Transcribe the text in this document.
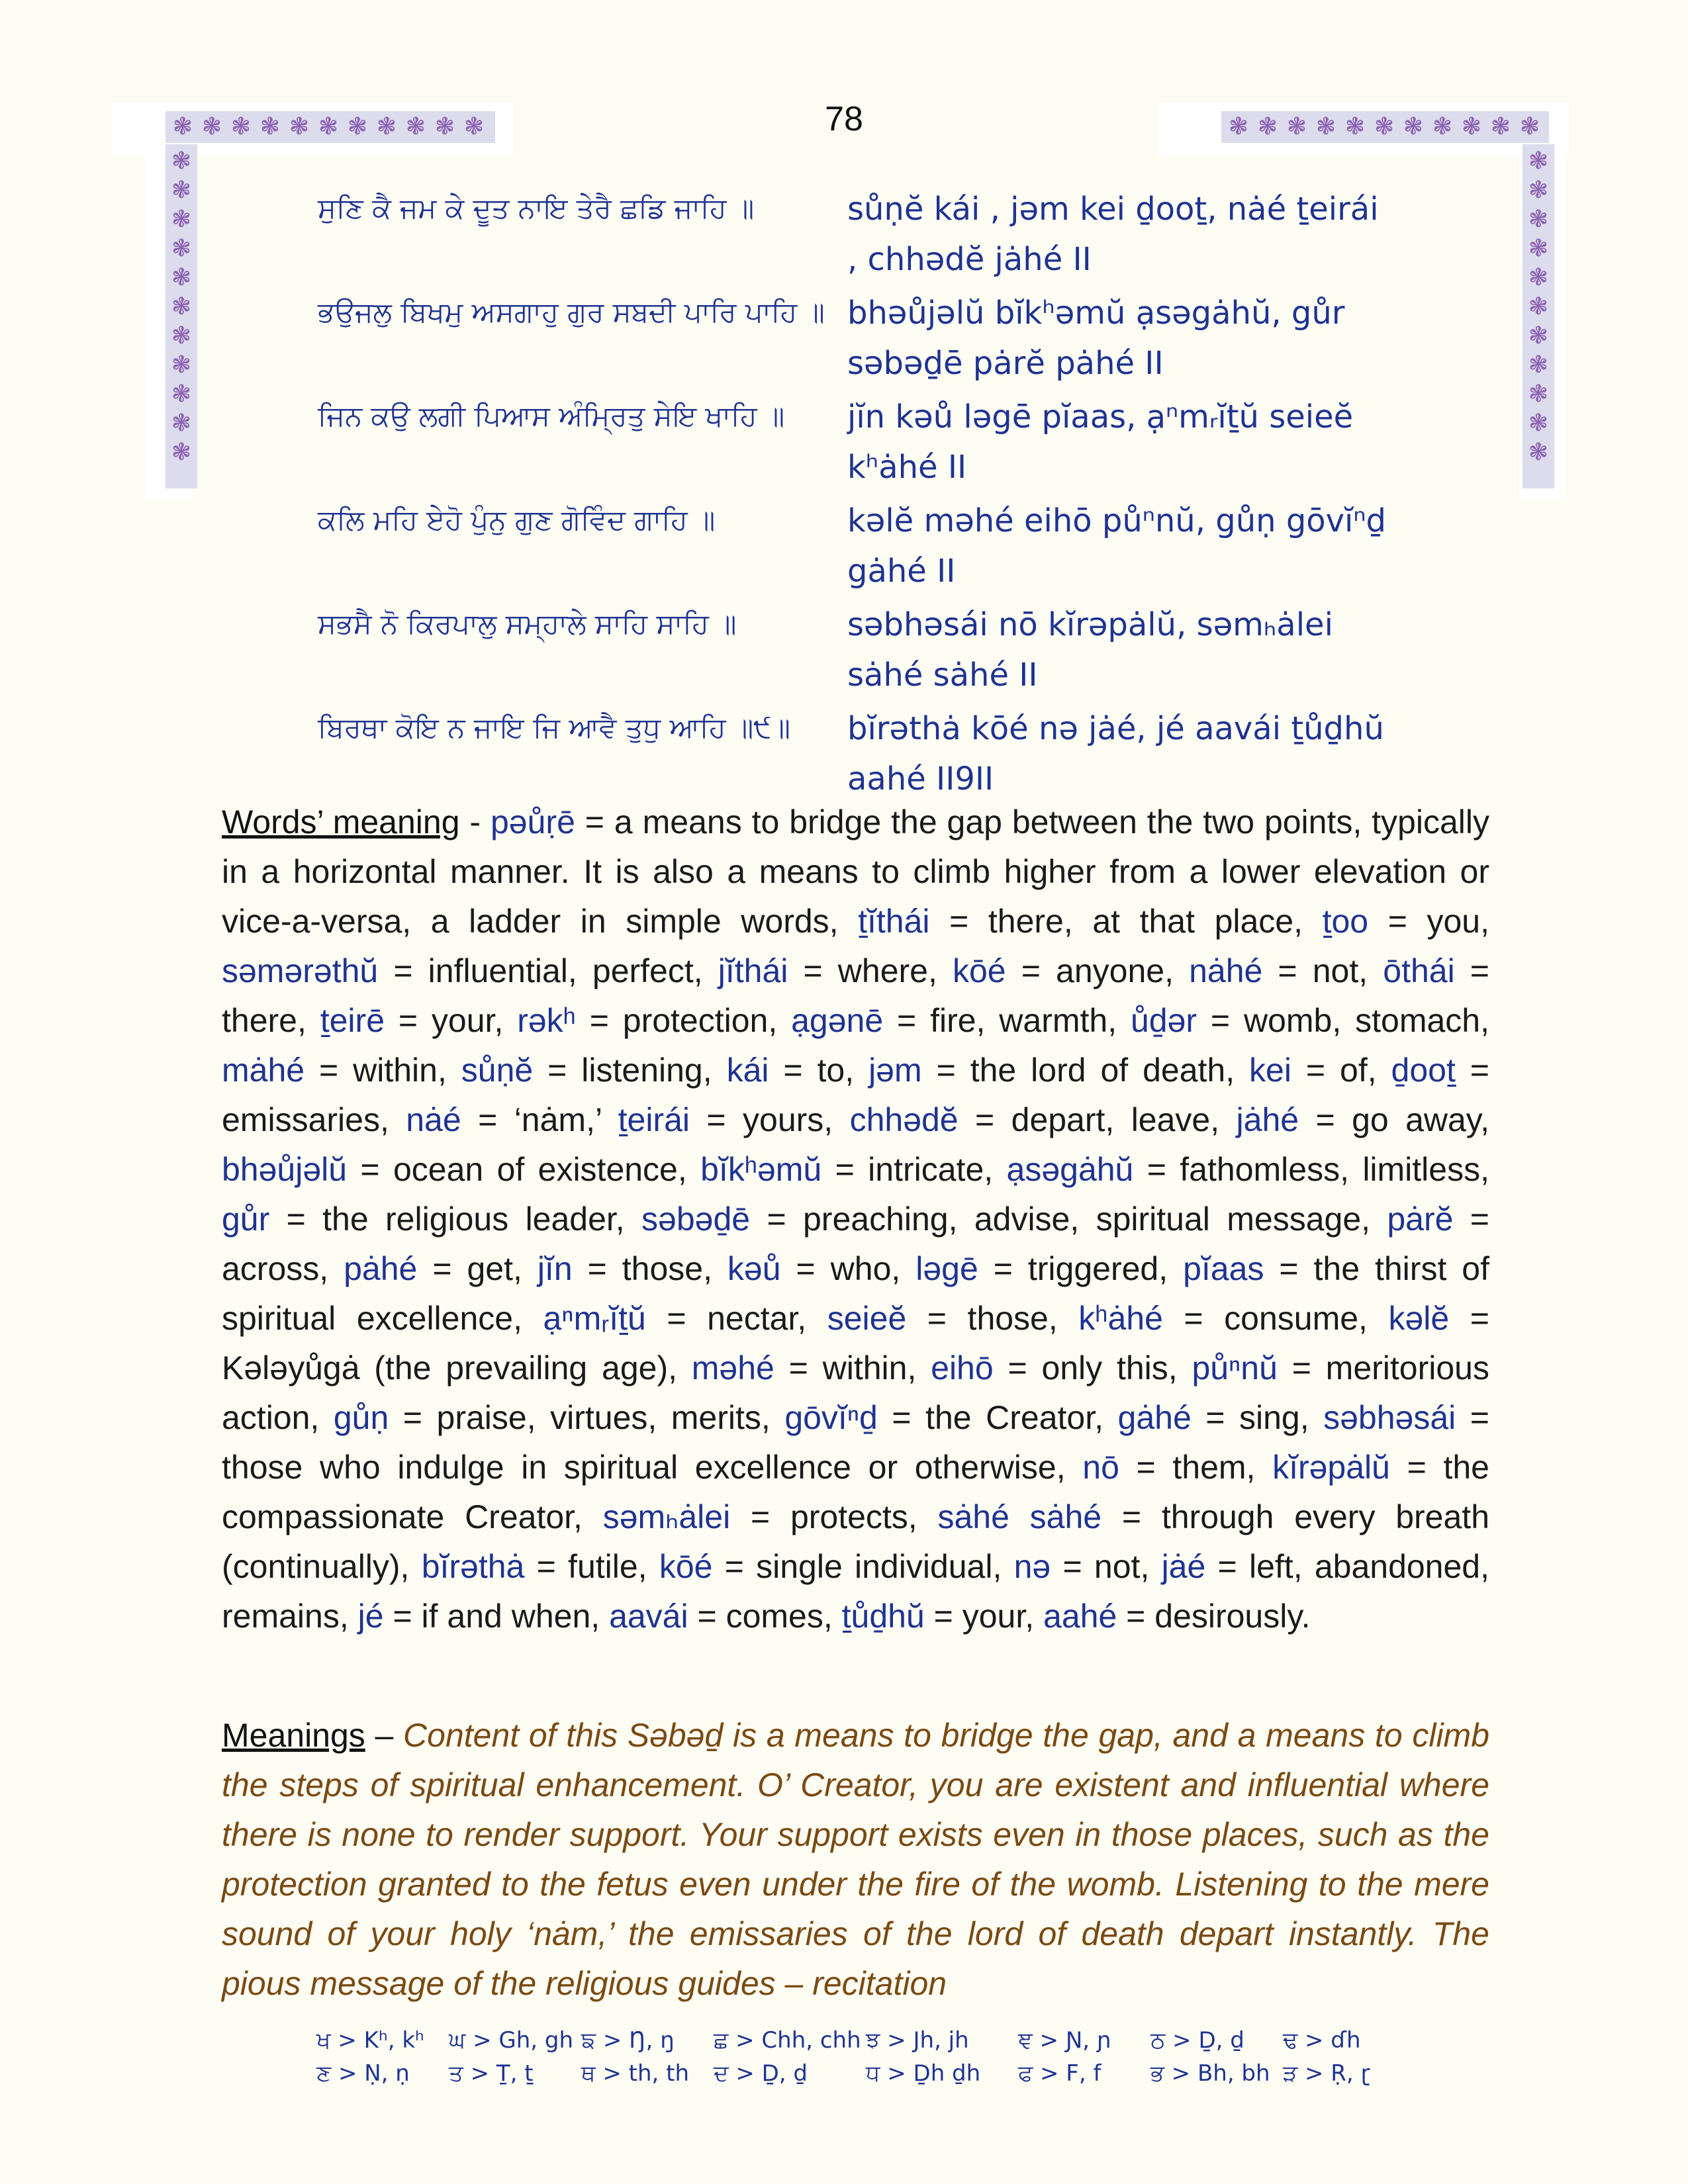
❃ ❃ ❃ ❃ ❃ ❃ ❃ ❃ ❃ ❃ ❃	❃ ❃ ❃ ❃ ❃ ❃ ❃ ❃ ❃ ❃ ❃
❃
❃
❃
❃
❃
❃
❃
❃
❃
❃
❃
❃
❃
❃
❃
❃
❃
❃
❃
❃
❃
❃
78
ਸੁਣਿ ਕੈ ਜਮ ਕੇ ਦੂਤ ਨਾਇ ਤੇਰੈ ਛਡਿ ਜਾਹਿ ॥	sůṇĕ kái , jəm kei ḏooṯ, nȧé ṯeirái , chhədĕ jȧhé II
ਭਉਜਲੁ ਬਿਖਮੁ ਅਸਗਾਹੁ ਗੁਰ ਸਬਦੀ ਪਾਰਿ ਪਾਹਿ ॥ bhəůjəlŭ bĭkʰəmŭ ạsəgȧhŭ, gůr səbəḏē pȧrĕ pȧhé II
ਜਿਨ ਕਉ ਲਗੀ ਪਿਆਸ ਅੰਮ੍ਰਿਤੁ ਸੇਇ ਖਾਹਿ ॥	jĭn kəů ləgē pĭaas, ạⁿmᵣĭṯŭ seieĕ kʰȧhé II
ਕਲਿ ਮਹਿ ਏਹੋ ਪੁੰਨੁ ਗੁਣ ਗੋਵਿੰਦ ਗਾਹਿ ॥	kəlĕ məhé eihō půⁿnŭ, gůṇ gōvĭⁿḏ gȧhé II
ਸਭਸੈ ਨੋ ਕਿਰਪਾਲੁ ਸਮ੍ਹਾਲੇ ਸਾਹਿ ਸਾਹਿ ॥	səbhəsái nō kĭrəpȧlŭ, səmₕȧlei sȧhé sȧhé II
ਬਿਰਥਾ ਕੋਇ ਨ ਜਾਇ ਜਿ ਆਵੈ ਤੁਧੁ ਆਹਿ ॥੯॥	bĭrəthȧ kōé nə jȧé, jé aavái ṯůḏhŭ aahé II9II
Words’ meaning - pəůṛē = a means to bridge the gap between the two points, typically in a horizontal manner. It is also a means to climb higher from a lower elevation or vice-a-versa, a ladder in simple words, ṯĭthái = there, at that place, ṯoo = you, səmərəthŭ = influential, perfect, jĭthái = where, kōé = anyone, nȧhé = not, ōthái = there, ṯeirē = your, rəkʰ = protection, ạgənē = fire, warmth, ůḏər = womb, stomach, mȧhé = within, sůṇĕ = listening, kái = to, jəm = the lord of death, kei = of, ḏooṯ = emissaries, nȧé = ‘nȧm,’ ṯeirái = yours, chhədĕ = depart, leave, jȧhé = go away, bhəůjəlŭ = ocean of existence, bĭkʰəmŭ = intricate, ạsəgȧhŭ = fathomless, limitless, gůr = the religious leader, səbəḏē = preaching, advise, spiritual message, pȧrĕ = across, pȧhé = get, jĭn = those, kəů = who, ləgē = triggered, pĭaas = the thirst of spiritual excellence, ạⁿmᵣĭṯŭ = nectar, seieĕ = those, kʰȧhé = consume, kəlĕ = Kələyůgȧ (the prevailing age), məhé = within, eihō = only this, půⁿnŭ = meritorious action, gůṇ = praise, virtues, merits, gōvĭⁿḏ = the Creator, gȧhé = sing, səbhəsái = those who indulge in spiritual excellence or otherwise, nō = them, kĭrəpȧlŭ = the compassionate Creator, səmₕȧlei = protects, sȧhé sȧhé = through every breath (continually), bĭrəthȧ = futile, kōé = single individual, nə = not, jȧé = left, abandoned, remains, jé = if and when, aavái = comes, ṯůḏhŭ = your, aahé = desirously.
Meanings – Content of this Səbəḏ is a means to bridge the gap, and a means to climb the steps of spiritual enhancement. O’ Creator, you are existent and influential where there is none to render support. Your support exists even in those places, such as the protection granted to the fetus even under the fire of the womb. Listening to the mere sound of your holy ‘nȧm,’ the emissaries of the lord of death depart instantly. The pious message of the religious guides – recitation
ਖ > Kʰ, kʰ	ਘ > Gh, gh ਙ > Ŋ, ŋ	ਛ > Chh, chh ਝ > Jh, jh	ਞ > Ɲ, ɲ	ਠ > Ḏ, ḏ	ਢ > ɗh
ਣ > Ṇ, ṇ	ਤ > Ṯ, ṯ	ਥ > th, th	ਦ > Ḏ, ḏ	ਧ > Ḏh ḏh	ਫ > F, f	ਭ > Bh, bh ੜ > Ṛ, ɽ
